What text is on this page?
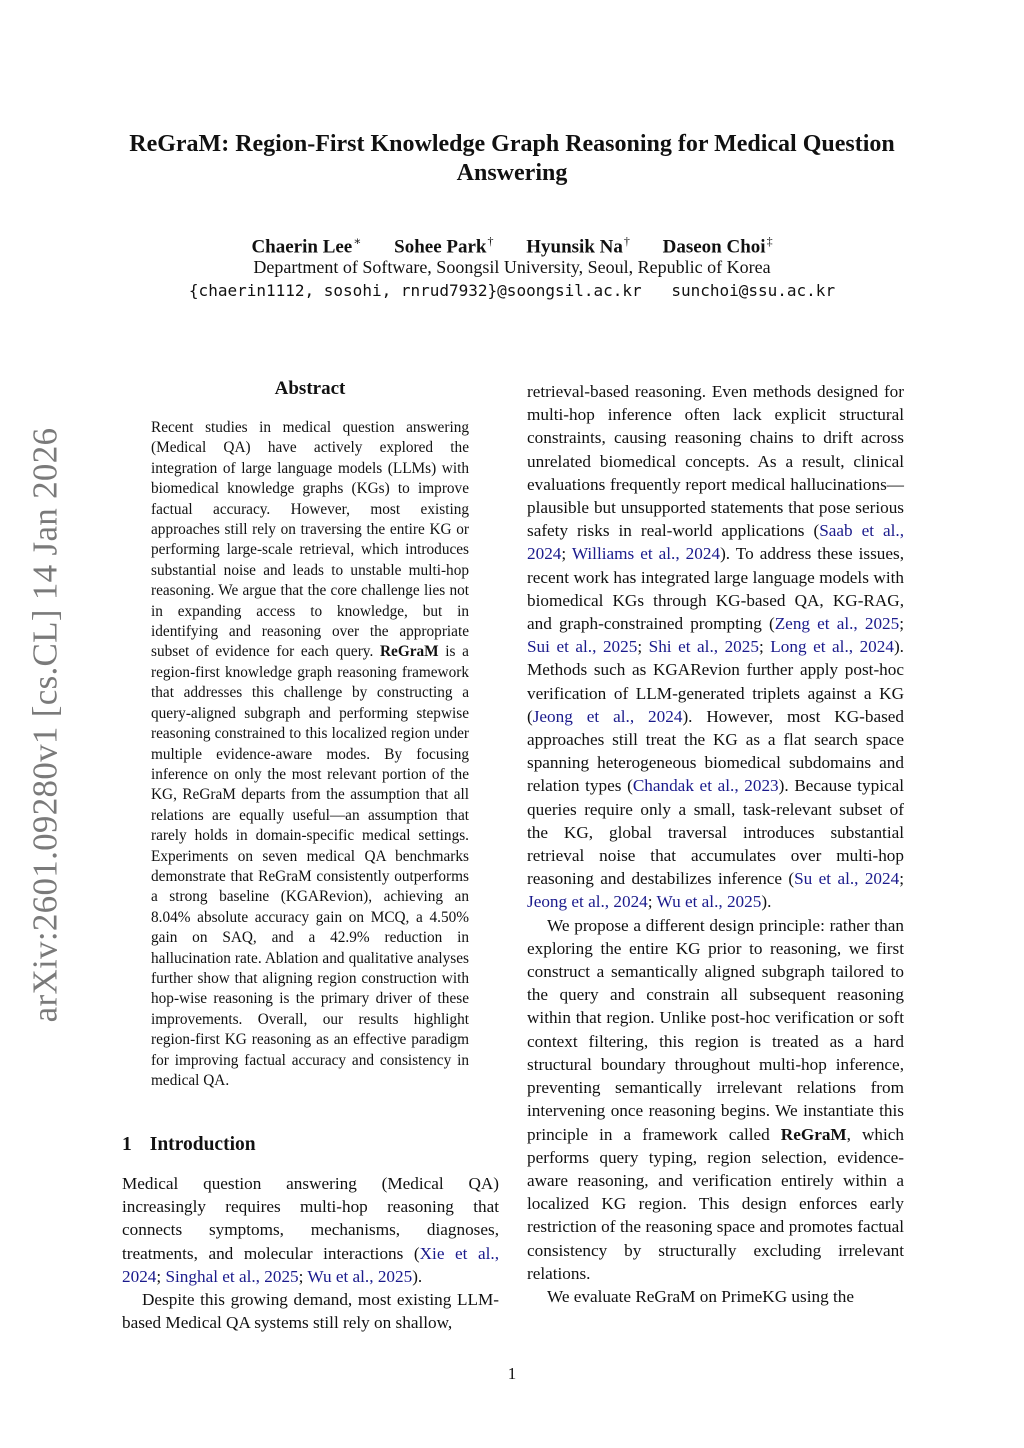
arXiv:2601.09280v1 [cs.CL] 14 Jan 2026
ReGraM: Region-First Knowledge Graph Reasoning for Medical Question Answering
Chaerin Lee∗ Sohee Park† Hyunsik Na† Daseon Choi‡
Department of Software, Soongsil University, Seoul, Republic of Korea
{chaerin1112, sosohi, rnrud7932}@soongsil.ac.kr sunchoi@ssu.ac.kr
Abstract
Recent studies in medical question answering (Medical QA) have actively explored the integration of large language models (LLMs) with biomedical knowledge graphs (KGs) to improve factual accuracy. However, most existing approaches still rely on traversing the entire KG or performing large-scale retrieval, which introduces substantial noise and leads to unstable multi-hop reasoning. We argue that the core challenge lies not in expanding access to knowledge, but in identifying and reasoning over the appropriate subset of evidence for each query. ReGraM is a region-first knowledge graph reasoning framework that addresses this challenge by constructing a query-aligned subgraph and performing stepwise reasoning constrained to this localized region under multiple evidence-aware modes. By focusing inference on only the most relevant portion of the KG, ReGraM departs from the assumption that all relations are equally useful—an assumption that rarely holds in domain-specific medical settings. Experiments on seven medical QA benchmarks demonstrate that ReGraM consistently outperforms a strong baseline (KGARevion), achieving an 8.04% absolute accuracy gain on MCQ, a 4.50% gain on SAQ, and a 42.9% reduction in hallucination rate. Ablation and qualitative analyses further show that aligning region construction with hop-wise reasoning is the primary driver of these improvements. Overall, our results highlight region-first KG reasoning as an effective paradigm for improving factual accuracy and consistency in medical QA.
1 Introduction

Medical question answering (Medical QA) increasingly requires multi-hop reasoning that connects symptoms, mechanisms, diagnoses, treatments, and molecular interactions (Xie et al., 2024; Singhal et al., 2025; Wu et al., 2025).

Despite this growing demand, most existing LLM-based Medical QA systems still rely on shallow,

retrieval-based reasoning. Even methods designed for multi-hop inference often lack explicit structural constraints, causing reasoning chains to drift across unrelated biomedical concepts. As a result, clinical evaluations frequently report medical hallucinations—plausible but unsupported statements that pose serious safety risks in real-world applications (Saab et al., 2024; Williams et al., 2024). To address these issues, recent work has integrated large language models with biomedical KGs through KG-based QA, KG-RAG, and graph-constrained prompting (Zeng et al., 2025; Sui et al., 2025; Shi et al., 2025; Long et al., 2024). Methods such as KGARevion further apply post-hoc verification of LLM-generated triplets against a KG (Jeong et al., 2024). However, most KG-based approaches still treat the KG as a flat search space spanning heterogeneous biomedical subdomains and relation types (Chandak et al., 2023). Because typical queries require only a small, task-relevant subset of the KG, global traversal introduces substantial retrieval noise that accumulates over multi-hop reasoning and destabilizes inference (Su et al., 2024; Jeong et al., 2024; Wu et al., 2025).

We propose a different design principle: rather than exploring the entire KG prior to reasoning, we first construct a semantically aligned subgraph tailored to the query and constrain all subsequent reasoning within that region. Unlike post-hoc verification or soft context filtering, this region is treated as a hard structural boundary throughout multi-hop inference, preventing semantically irrelevant relations from intervening once reasoning begins. We instantiate this principle in a framework called ReGraM, which performs query typing, region selection, evidence-aware reasoning, and verification entirely within a localized KG region. This design enforces early restriction of the reasoning space and promotes factual consistency by structurally excluding irrelevant relations.

We evaluate ReGraM on PrimeKG using the

1
